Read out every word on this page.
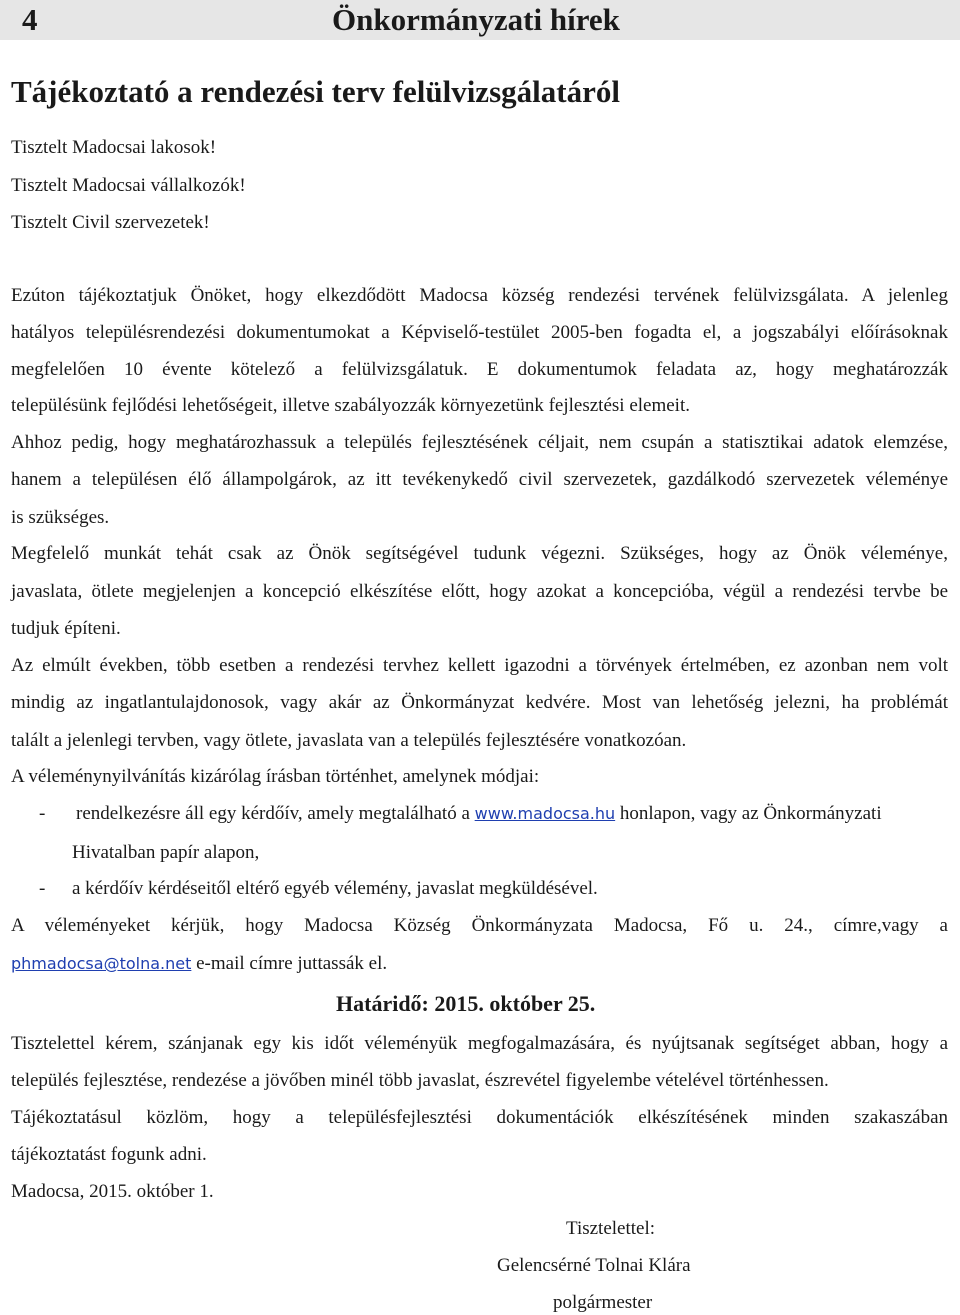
4	Önkormányzati hírek
Tájékoztató a rendezési terv felülvizsgálatáról
Tisztelt Madocsai lakosok!
Tisztelt Madocsai vállalkozók!
Tisztelt Civil szervezetek!
Ezúton tájékoztatjuk Önöket, hogy elkezdődött Madocsa község rendezési tervének felülvizsgálata. A jelenleg
hatályos településrendezési dokumentumokat a Képviselő-testület 2005-ben fogadta el, a jogszabályi előírásoknak
megfelelően 10 évente kötelező a felülvizsgálatuk. E dokumentumok feladata az, hogy meghatározzák
településünk fejlődési lehetőségeit, illetve szabályozzák környezetünk fejlesztési elemeit.
Ahhoz pedig, hogy meghatározhassuk a település fejlesztésének céljait, nem csupán a statisztikai adatok elemzése,
hanem a településen élő állampolgárok, az itt tevékenykedő civil szervezetek, gazdálkodó szervezetek véleménye
is szükséges.
Megfelelő munkát tehát csak az Önök segítségével tudunk végezni. Szükséges, hogy az Önök véleménye,
javaslata, ötlete megjelenjen a koncepció elkészítése előtt, hogy azokat a koncepcióba, végül a rendezési tervbe be
tudjuk építeni.
Az elmúlt években, több esetben a rendezési tervhez kellett igazodni a törvények értelmében, ez azonban nem volt
mindig az ingatlantulajdonosok, vagy akár az Önkormányzat kedvére. Most van lehetőség jelezni, ha problémát
talált a jelenlegi tervben, vagy ötlete, javaslata van a település fejlesztésére vonatkozóan.
A véleménynyilvánítás kizárólag írásban történhet, amelynek módjai:
- rendelkezésre áll egy kérdőív, amely megtalálható a www.madocsa.hu honlapon, vagy az Önkormányzati
Hivatalban papír alapon,
- a kérdőív kérdéseitől eltérő egyéb vélemény, javaslat megküldésével.
A véleményeket kérjük, hogy Madocsa Község Önkormányzata Madocsa, Fő u. 24., címre,vagy a
phmadocsa@tolna.net e-mail címre juttassák el.
Határidő: 2015. október 25.
Tisztelettel kérem, szánjanak egy kis időt véleményük megfogalmazására, és nyújtsanak segítséget abban, hogy a
település fejlesztése, rendezése a jövőben minél több javaslat, észrevétel figyelembe vételével történhessen.
Tájékoztatásul közlöm, hogy a településfejlesztési dokumentációk elkészítésének minden szakaszában
tájékoztatást fogunk adni.
Madocsa, 2015. október 1.
Tisztelettel:
Gelencsérné Tolnai Klára
polgármester
